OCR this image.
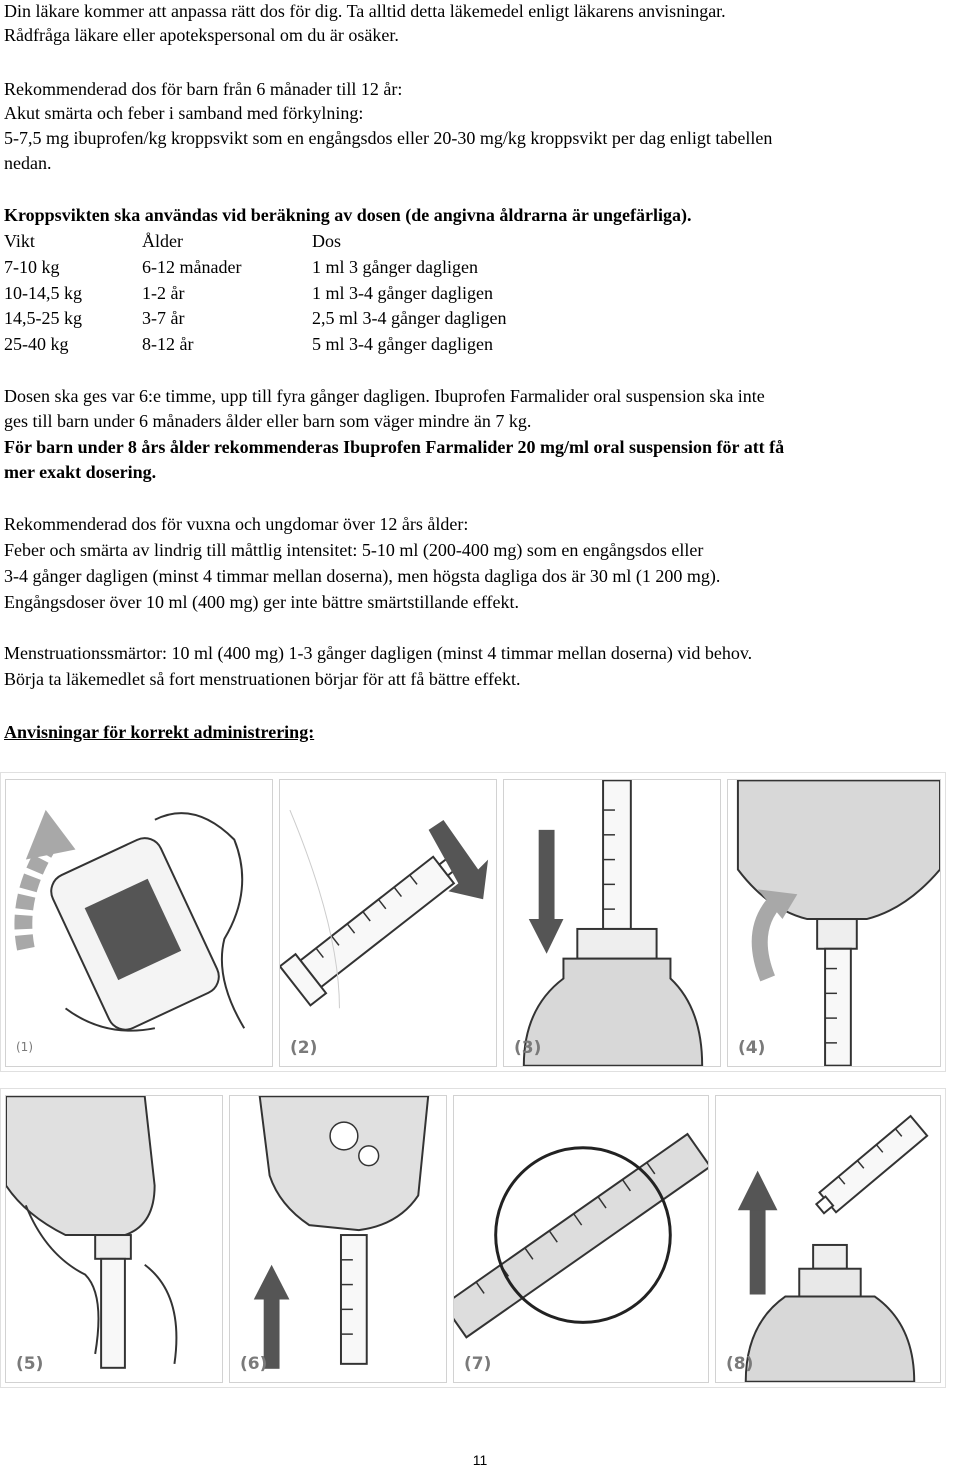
Din läkare kommer att anpassa rätt dos för dig. Ta alltid detta läkemedel enligt läkarens anvisningar.
Rådfråga läkare eller apotekspersonal om du är osäker.
Rekommenderad dos för barn från 6 månader till 12 år:
Akut smärta och feber i samband med förkylning:
5-7,5 mg ibuprofen/kg kroppsvikt som en engångsdos eller 20-30 mg/kg kroppsvikt per dag enligt tabellen
nedan.
Kroppsvikten ska användas vid beräkning av dosen (de angivna åldrarna är ungefärliga).
Vikt	Ålder	Dos
7-10 kg	6-12 månader	1 ml 3 gånger dagligen
10-14,5 kg	1-2 år	1 ml 3-4 gånger dagligen
14,5-25 kg	3-7 år	2,5 ml 3-4 gånger dagligen
25-40 kg	8-12 år	5 ml 3-4 gånger dagligen
Dosen ska ges var 6:e timme, upp till fyra gånger dagligen. Ibuprofen Farmalider oral suspension ska inte
ges till barn under 6 månaders ålder eller barn som väger mindre än 7 kg.
För barn under 8 års ålder rekommenderas Ibuprofen Farmalider 20 mg/ml oral suspension för att få
mer exakt dosering.
Rekommenderad dos för vuxna och ungdomar över 12 års ålder:
Feber och smärta av lindrig till måttlig intensitet: 5-10 ml (200-400 mg) som en engångsdos eller
3-4 gånger dagligen (minst 4 timmar mellan doserna), men högsta dagliga dos är 30 ml (1 200 mg).
Engångsdoser över 10 ml (400 mg) ger inte bättre smärtstillande effekt.
Menstruationssmärtor: 10 ml (400 mg) 1-3 gånger dagligen (minst 4 timmar mellan doserna) vid behov.
Börja ta läkemedlet så fort menstruationen börjar för att få bättre effekt.
Anvisningar för korrekt administrering:
(1)	(2)	(3)	(4)
(5)	(6)	(7)	(8)
11
